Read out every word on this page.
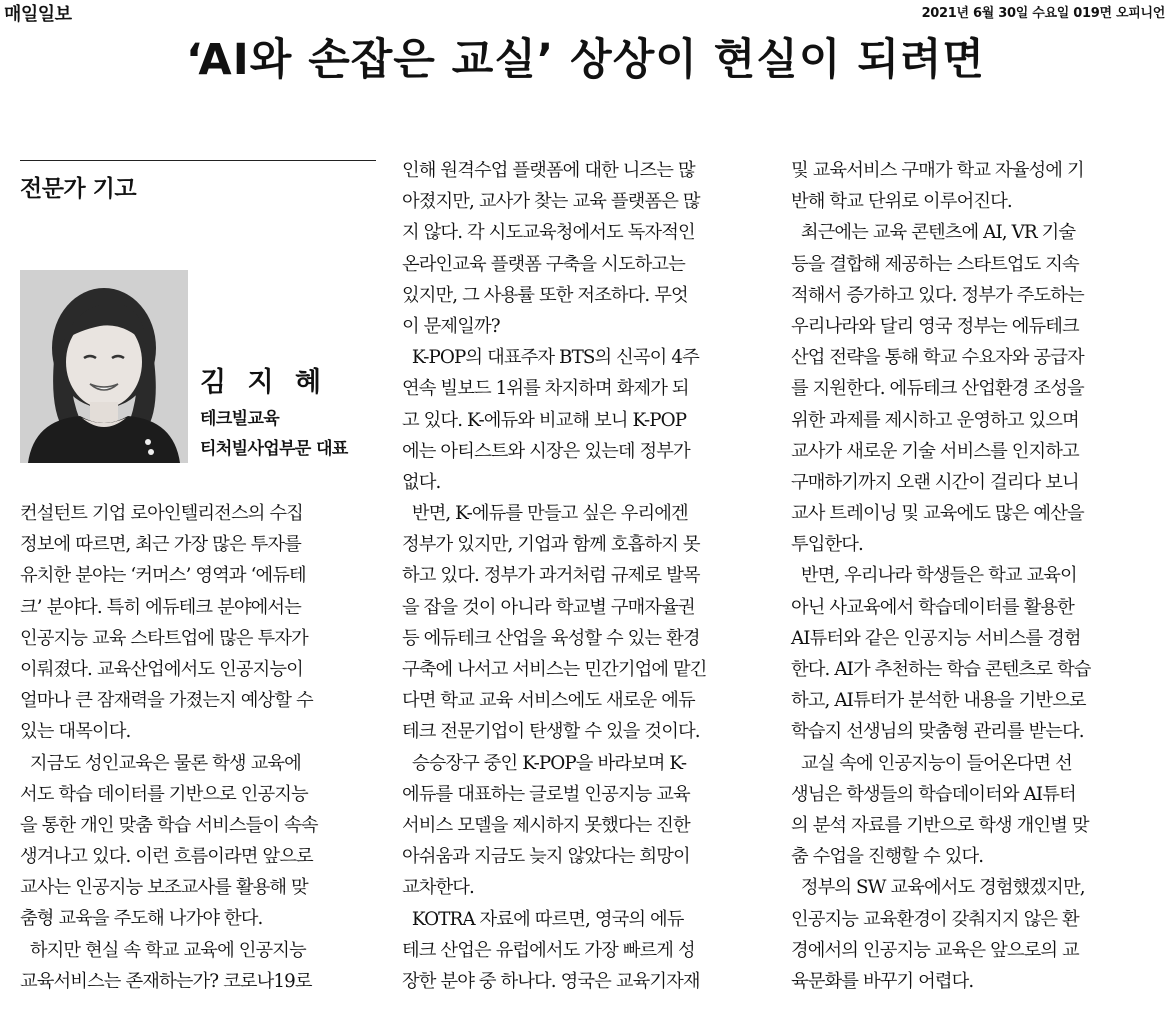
매일일보	2021년 6월 30일 수요일 019면 오피니언
‘AI와 손잡은 교실’ 상상이 현실이 되려면
전문가 기고
김 지 혜
테크빌교육
티처빌사업부문 대표
컨설턴트 기업 로아인텔리전스의 수집
정보에 따르면, 최근 가장 많은 투자를
유치한 분야는 ‘커머스’ 영역과 ‘에듀테
크’ 분야다. 특히 에듀테크 분야에서는
인공지능 교육 스타트업에 많은 투자가
이뤄졌다. 교육산업에서도 인공지능이
얼마나 큰 잠재력을 가졌는지 예상할 수
있는 대목이다.
지금도 성인교육은 물론 학생 교육에
서도 학습 데이터를 기반으로 인공지능
을 통한 개인 맞춤 학습 서비스들이 속속
생겨나고 있다. 이런 흐름이라면 앞으로
교사는 인공지능 보조교사를 활용해 맞
춤형 교육을 주도해 나가야 한다.
하지만 현실 속 학교 교육에 인공지능
교육서비스는 존재하는가? 코로나19로
인해 원격수업 플랫폼에 대한 니즈는 많
아졌지만, 교사가 찾는 교육 플랫폼은 많
지 않다. 각 시도교육청에서도 독자적인
온라인교육 플랫폼 구축을 시도하고는
있지만, 그 사용률 또한 저조하다. 무엇
이 문제일까?
K-POP의 대표주자 BTS의 신곡이 4주
연속 빌보드 1위를 차지하며 화제가 되
고 있다. K-에듀와 비교해 보니 K-POP
에는 아티스트와 시장은 있는데 정부가
없다.
반면, K-에듀를 만들고 싶은 우리에겐
정부가 있지만, 기업과 함께 호흡하지 못
하고 있다. 정부가 과거처럼 규제로 발목
을 잡을 것이 아니라 학교별 구매자율권
등 에듀테크 산업을 육성할 수 있는 환경
구축에 나서고 서비스는 민간기업에 맡긴
다면 학교 교육 서비스에도 새로운 에듀
테크 전문기업이 탄생할 수 있을 것이다.
승승장구 중인 K-POP을 바라보며 K-
에듀를 대표하는 글로벌 인공지능 교육
서비스 모델을 제시하지 못했다는 진한
아쉬움과 지금도 늦지 않았다는 희망이
교차한다.
KOTRA 자료에 따르면, 영국의 에듀
테크 산업은 유럽에서도 가장 빠르게 성
장한 분야 중 하나다. 영국은 교육기자재
및 교육서비스 구매가 학교 자율성에 기
반해 학교 단위로 이루어진다.
최근에는 교육 콘텐츠에 AI, VR 기술
등을 결합해 제공하는 스타트업도 지속
적해서 증가하고 있다. 정부가 주도하는
우리나라와 달리 영국 정부는 에듀테크
산업 전략을 통해 학교 수요자와 공급자
를 지원한다. 에듀테크 산업환경 조성을
위한 과제를 제시하고 운영하고 있으며
교사가 새로운 기술 서비스를 인지하고
구매하기까지 오랜 시간이 걸리다 보니
교사 트레이닝 및 교육에도 많은 예산을
투입한다.
반면, 우리나라 학생들은 학교 교육이
아닌 사교육에서 학습데이터를 활용한
AI튜터와 같은 인공지능 서비스를 경험
한다. AI가 추천하는 학습 콘텐츠로 학습
하고, AI튜터가 분석한 내용을 기반으로
학습지 선생님의 맞춤형 관리를 받는다.
교실 속에 인공지능이 들어온다면 선
생님은 학생들의 학습데이터와 AI튜터
의 분석 자료를 기반으로 학생 개인별 맞
춤 수업을 진행할 수 있다.
정부의 SW 교육에서도 경험했겠지만,
인공지능 교육환경이 갖춰지지 않은 환
경에서의 인공지능 교육은 앞으로의 교
육문화를 바꾸기 어렵다.
